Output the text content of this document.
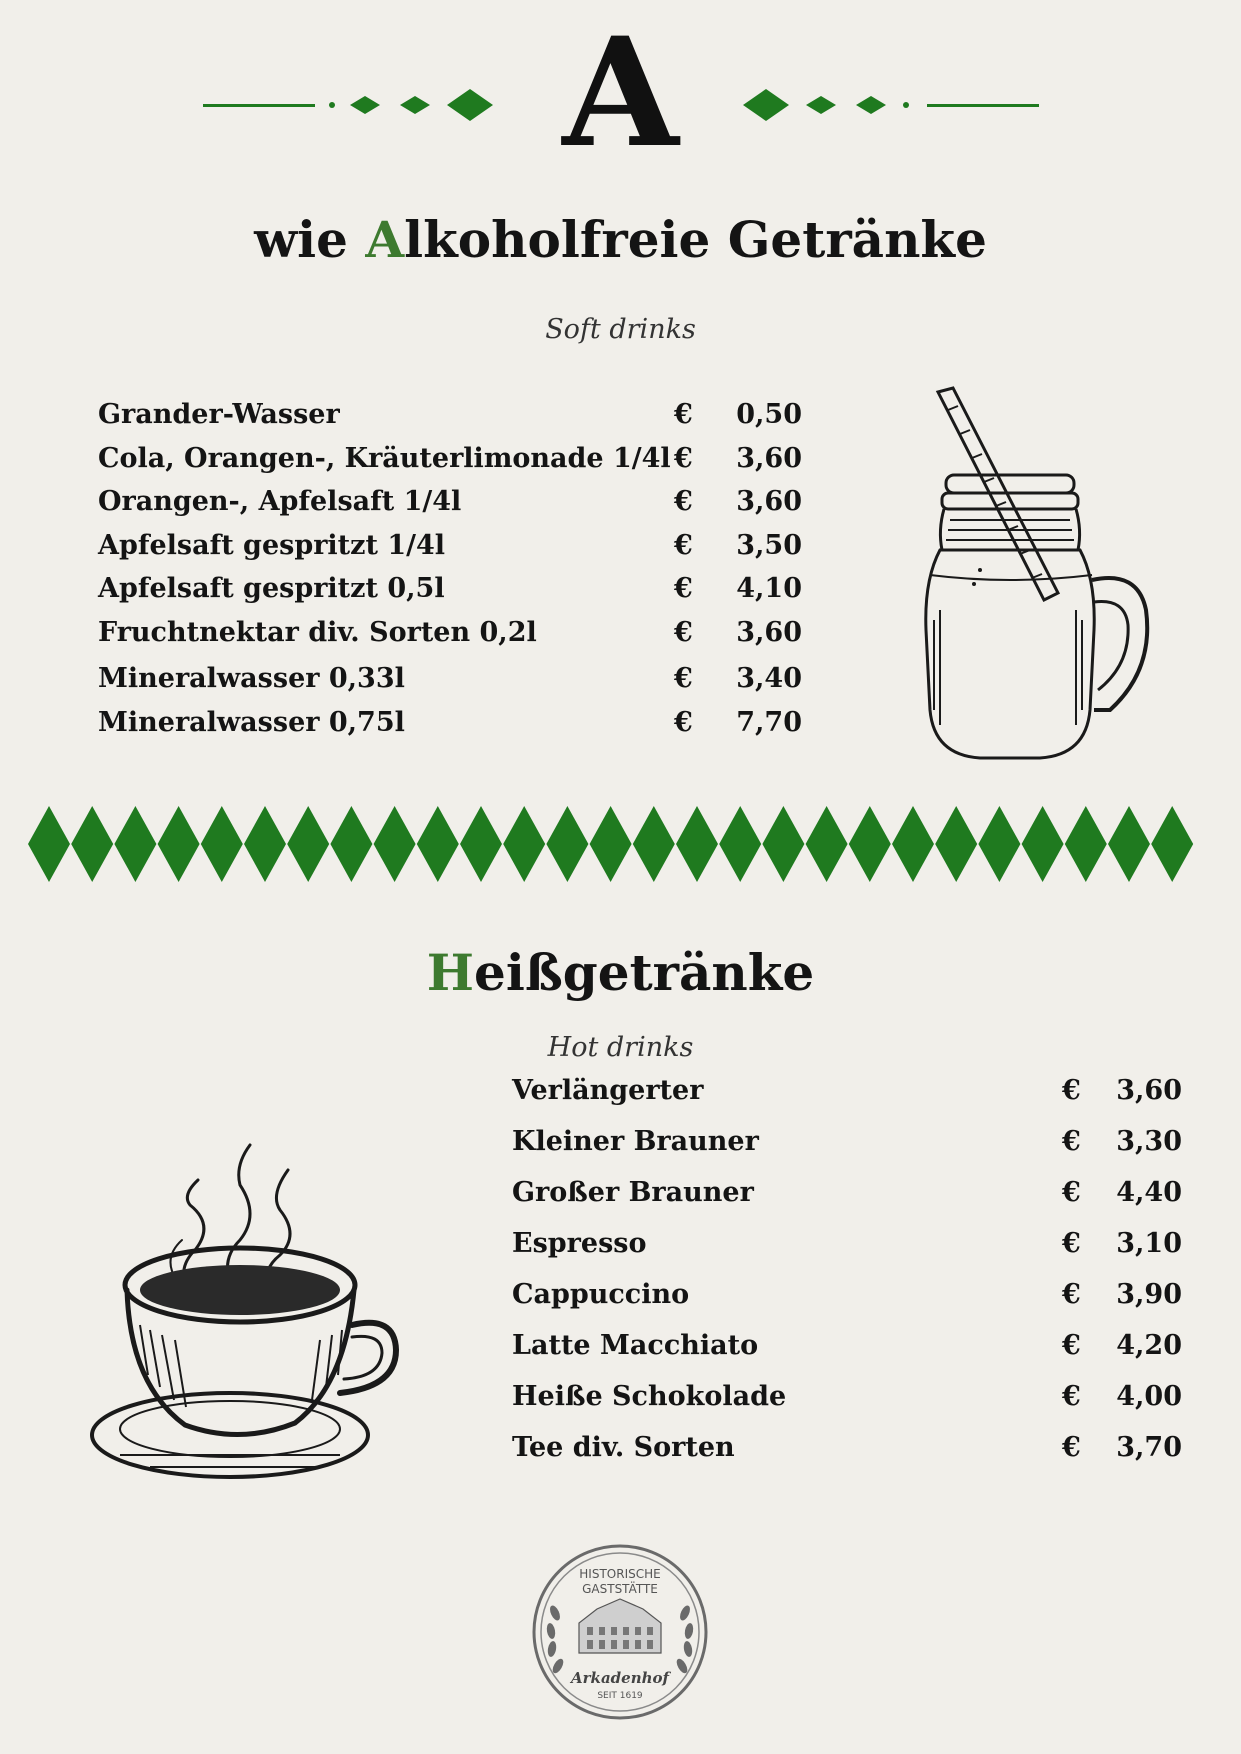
A
wie Alkoholfreie Getränke
Soft drinks
Grander-Wasser	€	0,50
Cola, Orangen-, Kräuterlimonade 1/4l €	3,60
Orangen-, Apfelsaft 1/4l	€	3,60
Apfelsaft gespritzt 1/4l	€	3,50
Apfelsaft gespritzt 0,5l	€	4,10
Fruchtnektar div. Sorten 0,2l	€	3,60
Mineralwasser 0,33l	€	3,40
Mineralwasser 0,75l	€	7,70
Heißgetränke
Hot drinks
Verlängerter	€	3,60
Kleiner Brauner	€	3,30
Großer Brauner	€	4,40
Espresso	€	3,10
Cappuccino	€	3,90
Latte Macchiato	€	4,20
Heiße Schokolade	€	4,00
Tee div. Sorten	€	3,70
HISTORISCHE
GASTSTÄTTE
Arkadenhof
SEIT 1619
